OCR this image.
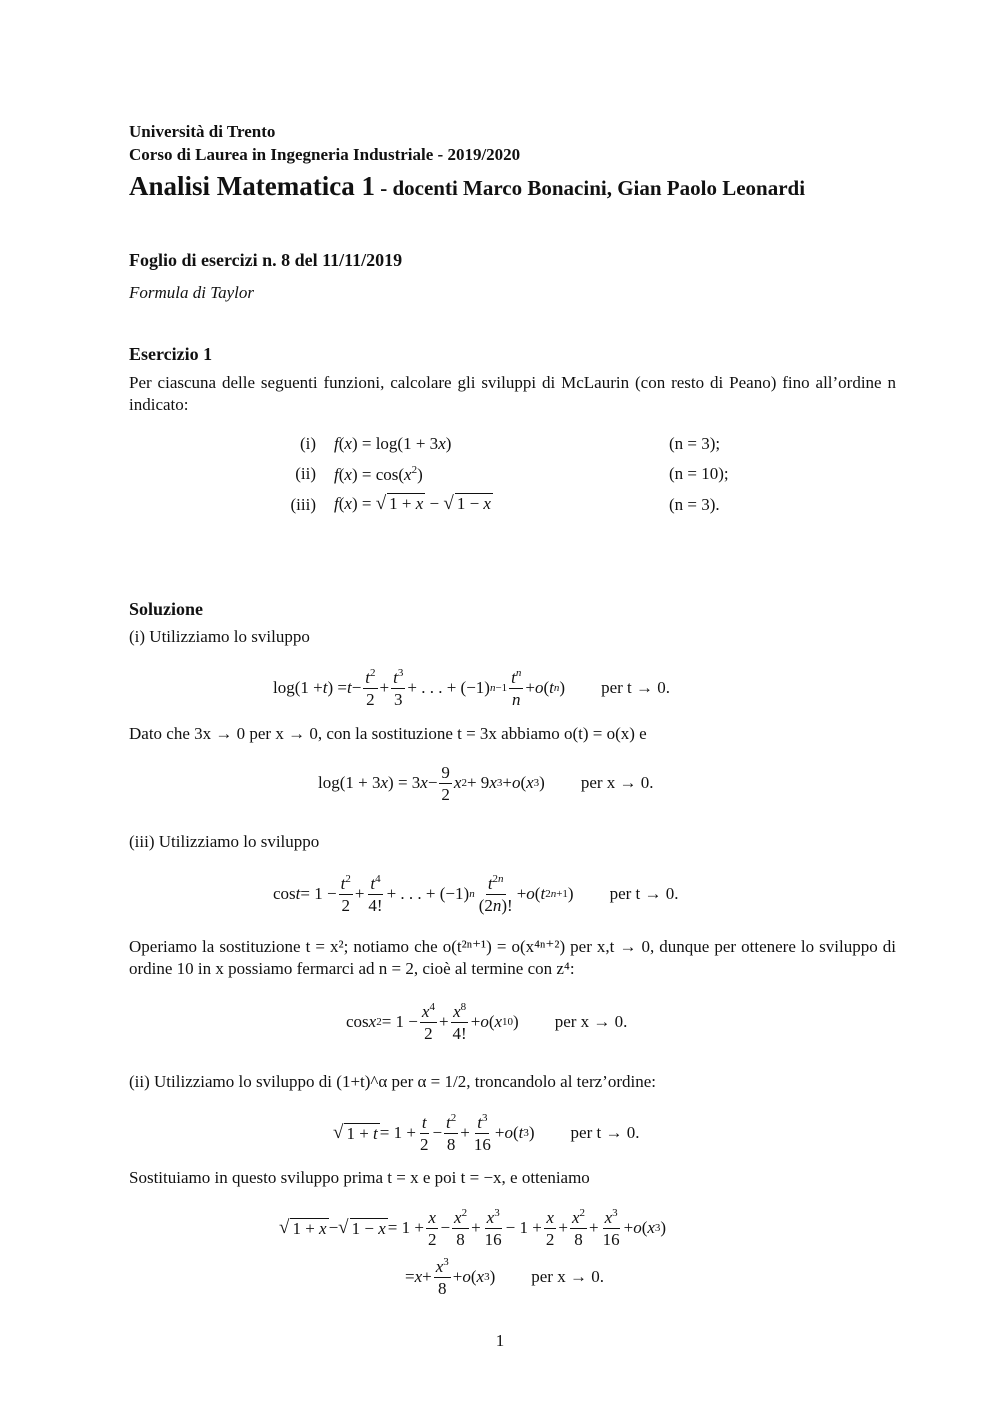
Università di Trento
Corso di Laurea in Ingegneria Industriale - 2019/2020
Analisi Matematica 1 - docenti Marco Bonacini, Gian Paolo Leonardi
Foglio di esercizi n. 8 del 11/11/2019
Formula di Taylor
Esercizio 1
Per ciascuna delle seguenti funzioni, calcolare gli sviluppi di McLaurin (con resto di Peano) fino all’ordine n indicato:
(i) f(x) = log(1 + 3x)	(n = 3);
(ii) $f(x) = \cos(x^2)$	(n = 10);
(iii) f(x) = √ 1 + x − √ 1 − x	(n = 3).
Soluzione
(i) Utilizziamo lo sviluppo
log(1 + t ) = $t - \frac{t^2}{2} + \frac{t^3}{3}$ + . . . + (−1) $n-1 \frac{t^n}{n} + o$ ( t n ) per t → 0.
Dato che 3x → 0 per x → 0, con la sostituzione t = 3x abbiamo o(t) = o(x) e
log(1 + 3 x ) = 3 $x - \frac{9}{2}$ x 2 + 9 x 3 + o ( x 3 ) per x → 0.
(iii) Utilizziamo lo sviluppo
$\cos t = 1 - \frac{t^2}{2} + \frac{t^4}{4!}$ + . . . + (−1) n $\frac{t^{2n}}{(2n)!} + o$ ( t 2n+1 ) per t → 0.
Operiamo la sostituzione t = x²; notiamo che o(t²ⁿ⁺¹) = o(x⁴ⁿ⁺²) per x,t → 0, dunque per ottenere lo sviluppo di ordine 10 in x possiamo fermarci ad n = 2, cioè al termine con z⁴:
cos x $2 = 1 - \frac{x^4}{2} + \frac{x^8}{4!} + o$ ( x 10 ) per x → 0.
(ii) Utilizziamo lo sviluppo di (1+t)^α per α = 1/2, troncandolo al terz’ordine:
√ $1 + t = 1 + \frac{t}{2} - \frac{t^2}{8} + \frac{t^3}{16} + o$ ( t 3 ) per t → 0.
Sostituiamo in questo sviluppo prima t = x e poi t = −x, e otteniamo
√ 1 + x − √ $1 - x = 1 + \frac{x}{2} - \frac{x^2}{8} + \frac{x^3}{16} - 1 + \frac{x}{2} + \frac{x^2}{8} + \frac{x^3}{16} + o$ ( x 3 )
= $x + \frac{x^3}{8} + o$ ( x 3 ) per x → 0.
1
